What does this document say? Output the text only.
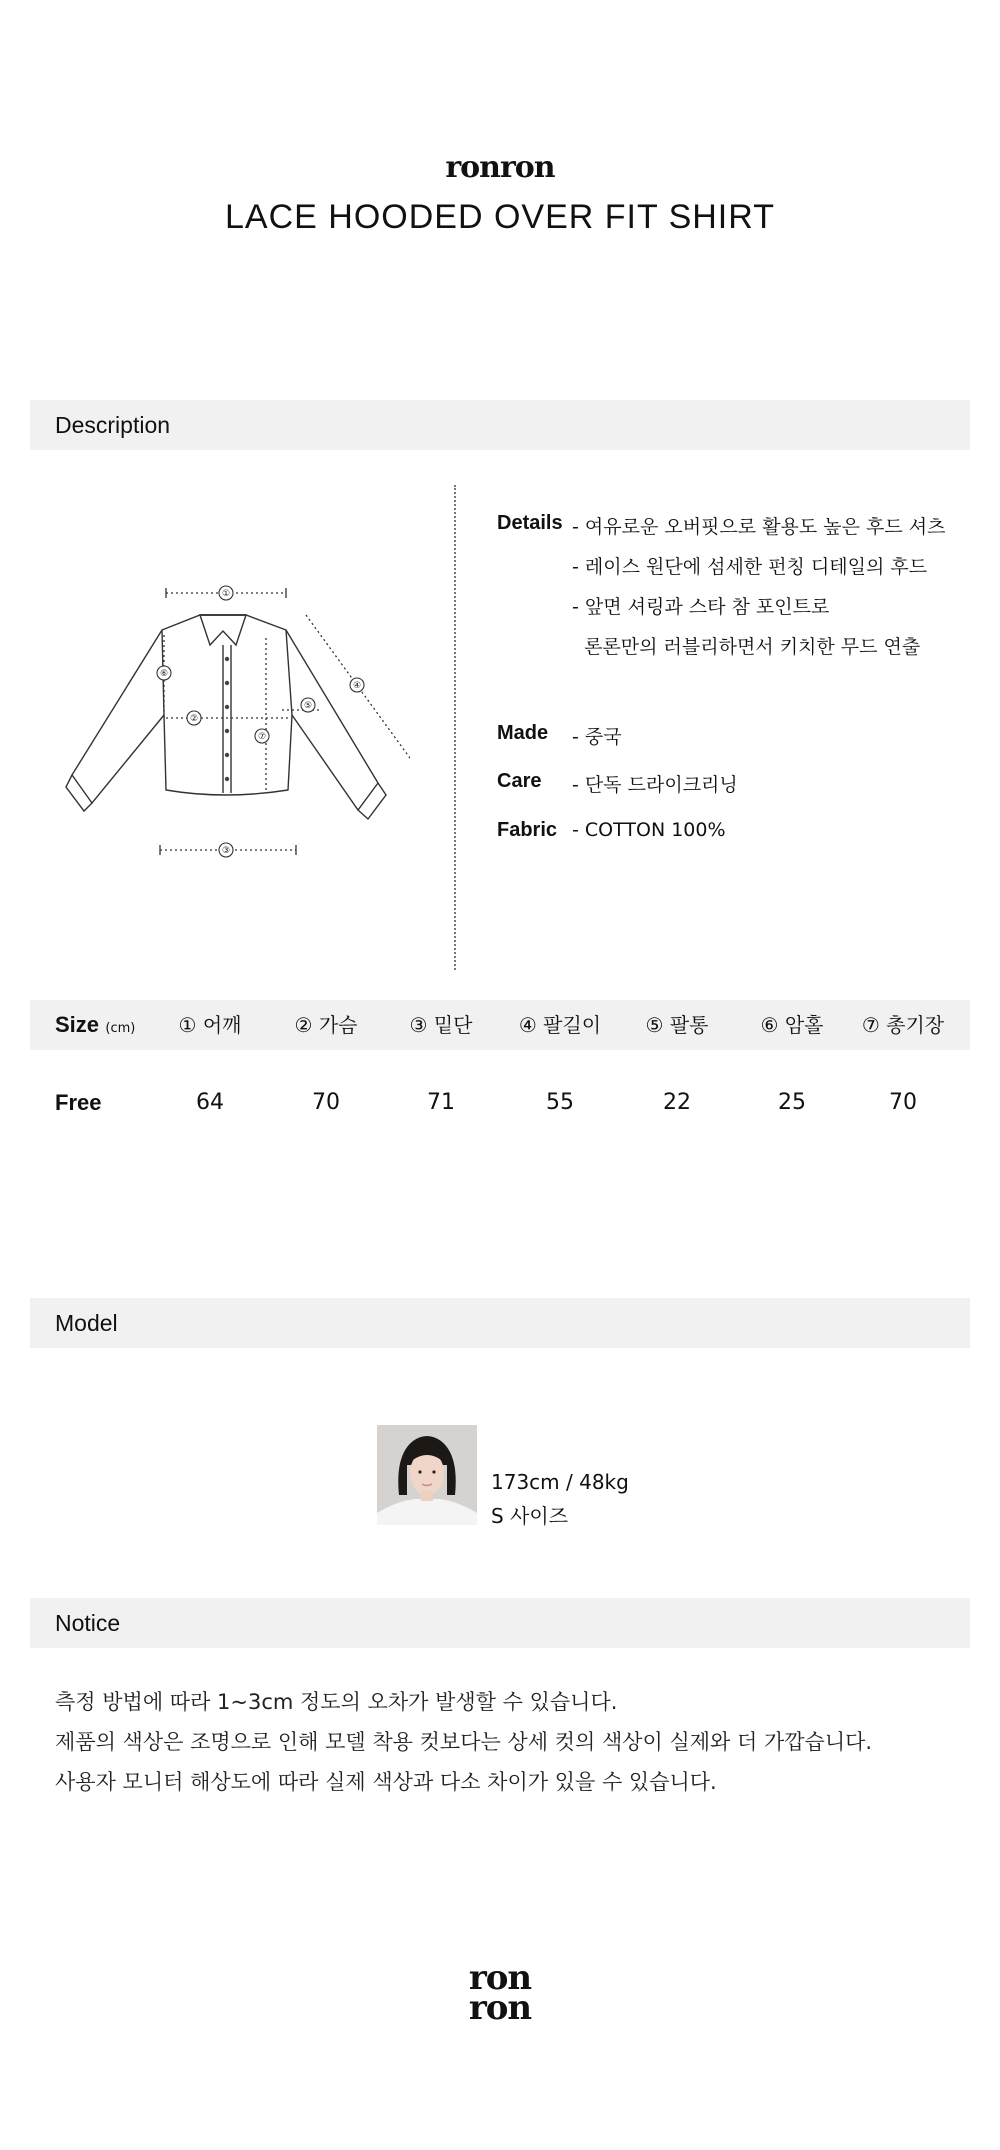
ronron
LACE HOODED OVER FIT SHIRT
Description
①
②
③
④
⑤
⑥
⑦
Details - 여유로운 오버핏으로 활용도 높은 후드 셔츠
- 레이스 원단에 섬세한 펀칭 디테일의 후드
- 앞면 셔링과 스타 참 포인트로
론론만의 러블리하면서 키치한 무드 연출
Made	- 중국
Care	- 단독 드라이크리닝
Fabric - COTTON 100%
Size (cm)	① 어깨	② 가슴	③ 밑단	④ 팔길이	⑤ 팔통	⑥ 암홀	⑦ 총기장
Free	64	70	71	55	22	25	70
Model
173cm / 48kg
S 사이즈
Notice
측정 방법에 따라 1~3cm 정도의 오차가 발생할 수 있습니다.
제품의 색상은 조명으로 인해 모델 착용 컷보다는 상세 컷의 색상이 실제와 더 가깝습니다.
사용자 모니터 해상도에 따라 실제 색상과 다소 차이가 있을 수 있습니다.
ron
ron
